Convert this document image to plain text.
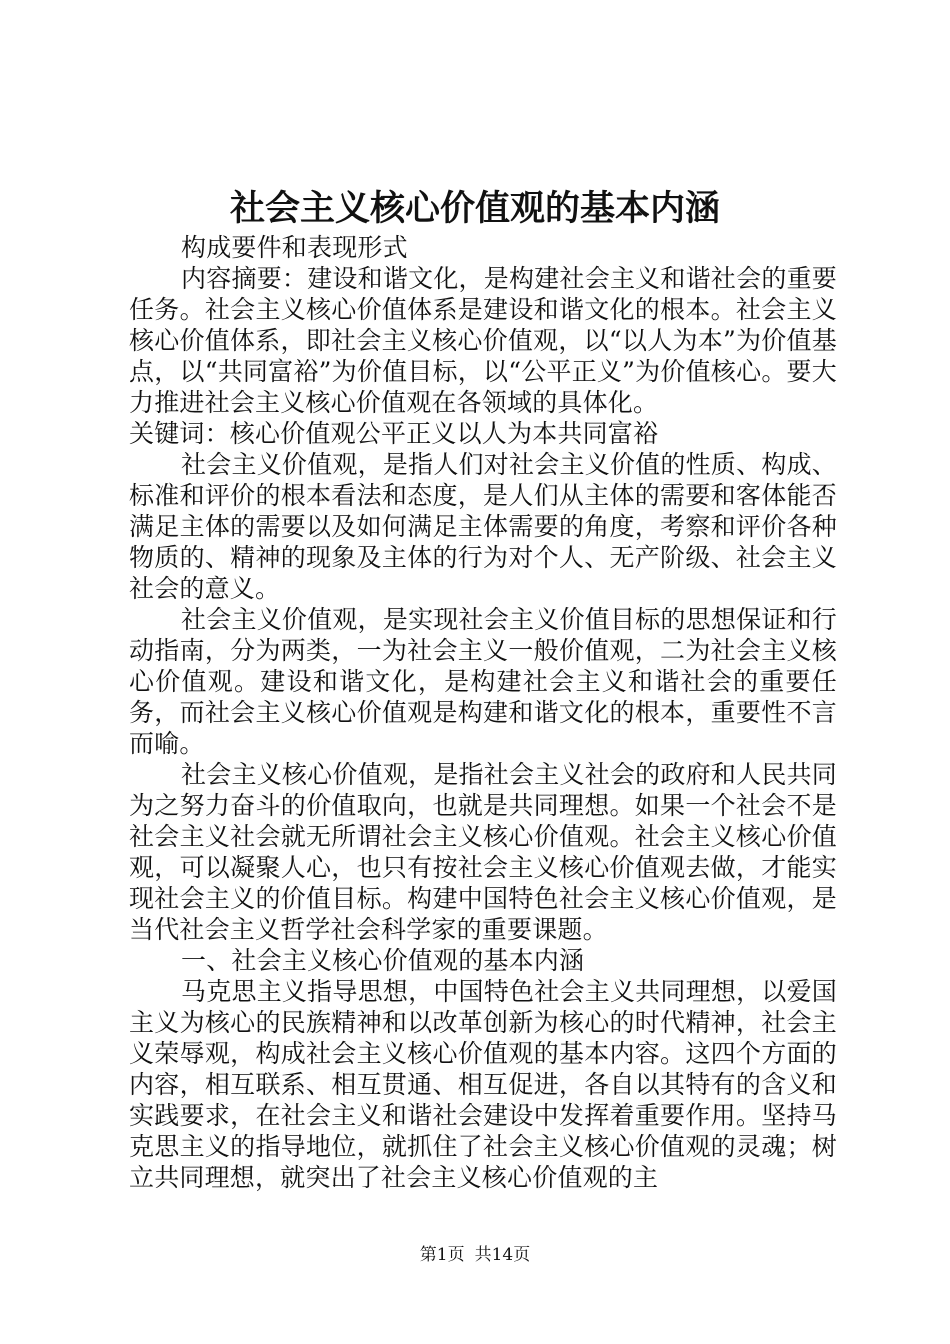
社会主义核心价值观的基本内涵

构成要件和表现形式

内容摘要：建设和谐文化，是构建社会主义和谐社会的重要任务。社会主义核心价值体系是建设和谐文化的根本。社会主义核心价值体系，即社会主义核心价值观，以“以人为本”为价值基点，以“共同富裕”为价值目标，以“公平正义”为价值核心。要大力推进社会主义核心价值观在各领域的具体化。

关键词：核心价值观公平正义以人为本共同富裕

社会主义价值观，是指人们对社会主义价值的性质、构成、标准和评价的根本看法和态度，是人们从主体的需要和客体能否满足主体的需要以及如何满足主体需要的角度，考察和评价各种物质的、精神的现象及主体的行为对个人、无产阶级、社会主义社会的意义。

社会主义价值观，是实现社会主义价值目标的思想保证和行动指南，分为两类，一为社会主义一般价值观，二为社会主义核心价值观。建设和谐文化，是构建社会主义和谐社会的重要任务，而社会主义核心价值观是构建和谐文化的根本，重要性不言而喻。

社会主义核心价值观，是指社会主义社会的政府和人民共同为之努力奋斗的价值取向，也就是共同理想。如果一个社会不是社会主义社会就无所谓社会主义核心价值观。社会主义核心价值观，可以凝聚人心，也只有按社会主义核心价值观去做，才能实现社会主义的价值目标。构建中国特色社会主义核心价值观，是当代社会主义哲学社会科学家的重要课题。

一、社会主义核心价值观的基本内涵

马克思主义指导思想，中国特色社会主义共同理想，以爱国主义为核心的民族精神和以改革创新为核心的时代精神，社会主义荣辱观，构成社会主义核心价值观的基本内容。这四个方面的内容，相互联系、相互贯通、相互促进，各自以其特有的含义和实践要求，在社会主义和谐社会建设中发挥着重要作用。坚持马克思主义的指导地位，就抓住了社会主义核心价值观的灵魂；树立共同理想，就突出了社会主义核心价值观的主

第1页 共14页
